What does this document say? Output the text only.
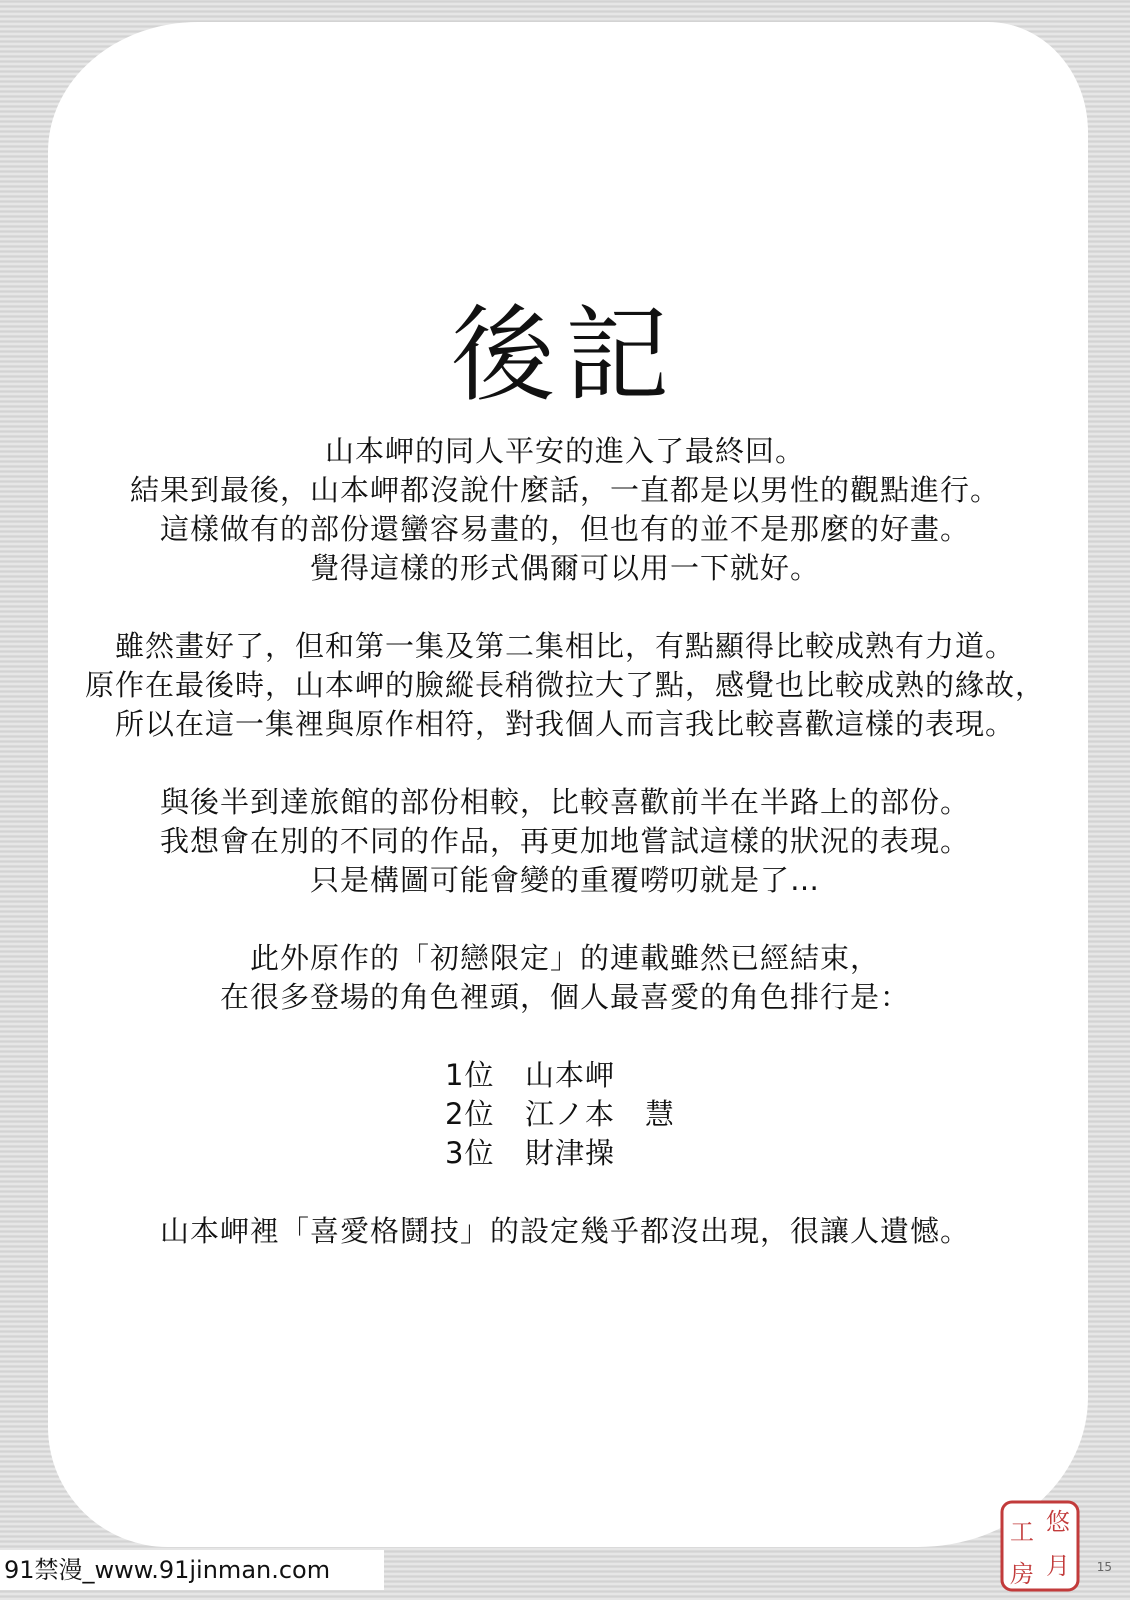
後記
山本岬的同人平安的進入了最終回。
結果到最後，山本岬都沒說什麼話，一直都是以男性的觀點進行。
這樣做有的部份還蠻容易畫的，但也有的並不是那麼的好畫。
覺得這樣的形式偶爾可以用一下就好。
雖然畫好了，但和第一集及第二集相比，有點顯得比較成熟有力道。
原作在最後時，山本岬的臉縱長稍微拉大了點，感覺也比較成熟的緣故，
所以在這一集裡與原作相符，對我個人而言我比較喜歡這樣的表現。
與後半到達旅館的部份相較，比較喜歡前半在半路上的部份。
我想會在別的不同的作品，再更加地嘗試這樣的狀況的表現。
只是構圖可能會變的重覆嘮叨就是了…
此外原作的「初戀限定」的連載雖然已經結束，
在很多登場的角色裡頭，個人最喜愛的角色排行是：
1位 山本岬
2位 江ノ本　慧
3位 財津操
山本岬裡「喜愛格鬪技」的設定幾乎都沒出現，很讓人遺憾。
悠
月
工
房	15
91禁漫_www.91jinman.com
